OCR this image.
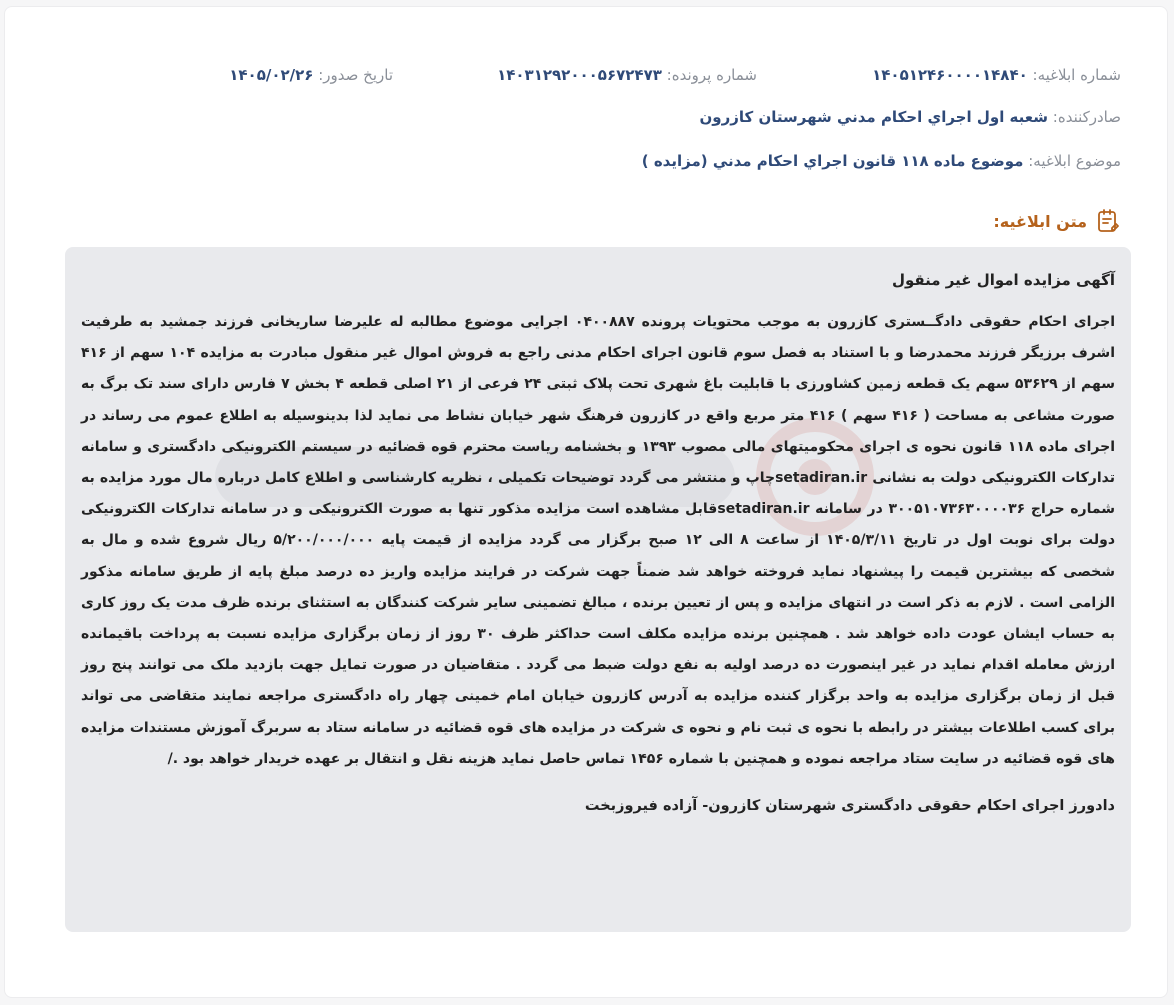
شماره ابلاغیه: ۱۴۰۵۱۲۴۶۰۰۰۰۱۴۸۴۰
شماره پرونده: ۱۴۰۳۱۲۹۲۰۰۰۵۶۷۲۴۷۳
تاریخ صدور: ۱۴۰۵/۰۲/۲۶
صادرکننده: شعبه اول اجراي احكام مدني شهرستان كازرون
موضوع ابلاغیه: موضوع ماده ۱۱۸ قانون اجراي احكام مدني (مزايده )
متن ابلاغیه:
آگهی مزایده اموال غیر منقول

اجرای احکام حقوقی دادگــستری کازرون به موجب محتویات پرونده ۰۴۰۰۸۸۷ اجرایی موضوع مطالبه له علیرضا ساریخانی فرزند جمشید به طرفیت اشرف برزیگر فرزند محمدرضا و با استناد به فصل سوم قانون اجرای احکام مدنی راجع به فروش اموال غیر منقول مبادرت به مزایده ۱۰۴ سهم از ۴۱۶ سهم از ۵۳۶۲۹ سهم یک قطعه زمین کشاورزی با قابلیت باغ شهری تحت پلاک ثبتی ۲۴ فرعی از ۲۱ اصلی قطعه ۴ بخش ۷ فارس دارای سند تک برگ به صورت مشاعی به مساحت ( ۴۱۶ سهم ) ۴۱۶ متر مربع واقع در کازرون فرهنگ شهر خیابان نشاط می نماید لذا بدینوسیله به اطلاع عموم می رساند در اجرای ماده ۱۱۸ قانون نحوه ی اجرای محکومیتهای مالی مصوب ۱۳۹۳ و بخشنامه ریاست محترم قوه قضائیه در سیستم الکترونیکی دادگستری و سامانه تدارکات الکترونیکی دولت به نشانی setadiran.irچاپ و منتشر می گردد توضیحات تکمیلی ، نظریه کارشناسی و اطلاع کامل درباره مال مورد مزایده به شماره حراج ۳۰۰۵۱۰۷۳۶۳۰۰۰۰۳۶ در سامانه setadiran.irقابل مشاهده است مزایده مذکور تنها به صورت الکترونیکی و در سامانه تدارکات الکترونیکی دولت برای نوبت اول در تاریخ ۱۴۰۵/۳/۱۱ از ساعت ۸ الی ۱۲ صبح برگزار می گردد مزایده از قیمت پایه ۵/۲۰۰/۰۰۰/۰۰۰ ریال شروع شده و مال به شخصی که بیشترین قیمت را پیشنهاد نماید فروخته خواهد شد ضمناً جهت شرکت در فرایند مزایده واریز ده درصد مبلغ پایه از طریق سامانه مذکور الزامی است . لازم به ذکر است در انتهای مزایده و پس از تعیین برنده ، مبالغ تضمینی سایر شرکت کنندگان به استثنای برنده ظرف مدت یک روز کاری به حساب ایشان عودت داده خواهد شد . همچنین برنده مزایده مکلف است حداکثر ظرف ۳۰ روز از زمان برگزاری مزایده نسبت به پرداخت باقیمانده ارزش معامله اقدام نماید در غیر اینصورت ده درصد اولیه به نفع دولت ضبط می گردد . متقاضیان در صورت تمایل جهت بازدید ملک می توانند پنج روز قبل از زمان برگزاری مزایده به واحد برگزار کننده مزایده به آدرس کازرون خیابان امام خمینی چهار راه دادگستری مراجعه نمایند متقاضی می تواند برای کسب اطلاعات بیشتر در رابطه با نحوه ی ثبت نام و نحوه ی شرکت در مزایده های قوه قضائیه در سامانه ستاد به سربرگ آموزش مستندات مزایده های قوه قضائیه در سایت ستاد مراجعه نموده و همچنین با شماره ۱۴۵۶ تماس حاصل نماید هزینه نقل و انتقال بر عهده خریدار خواهد بود ./

دادورز اجرای احکام حقوقی دادگستری شهرستان کازرون- آزاده فیروزبخت
